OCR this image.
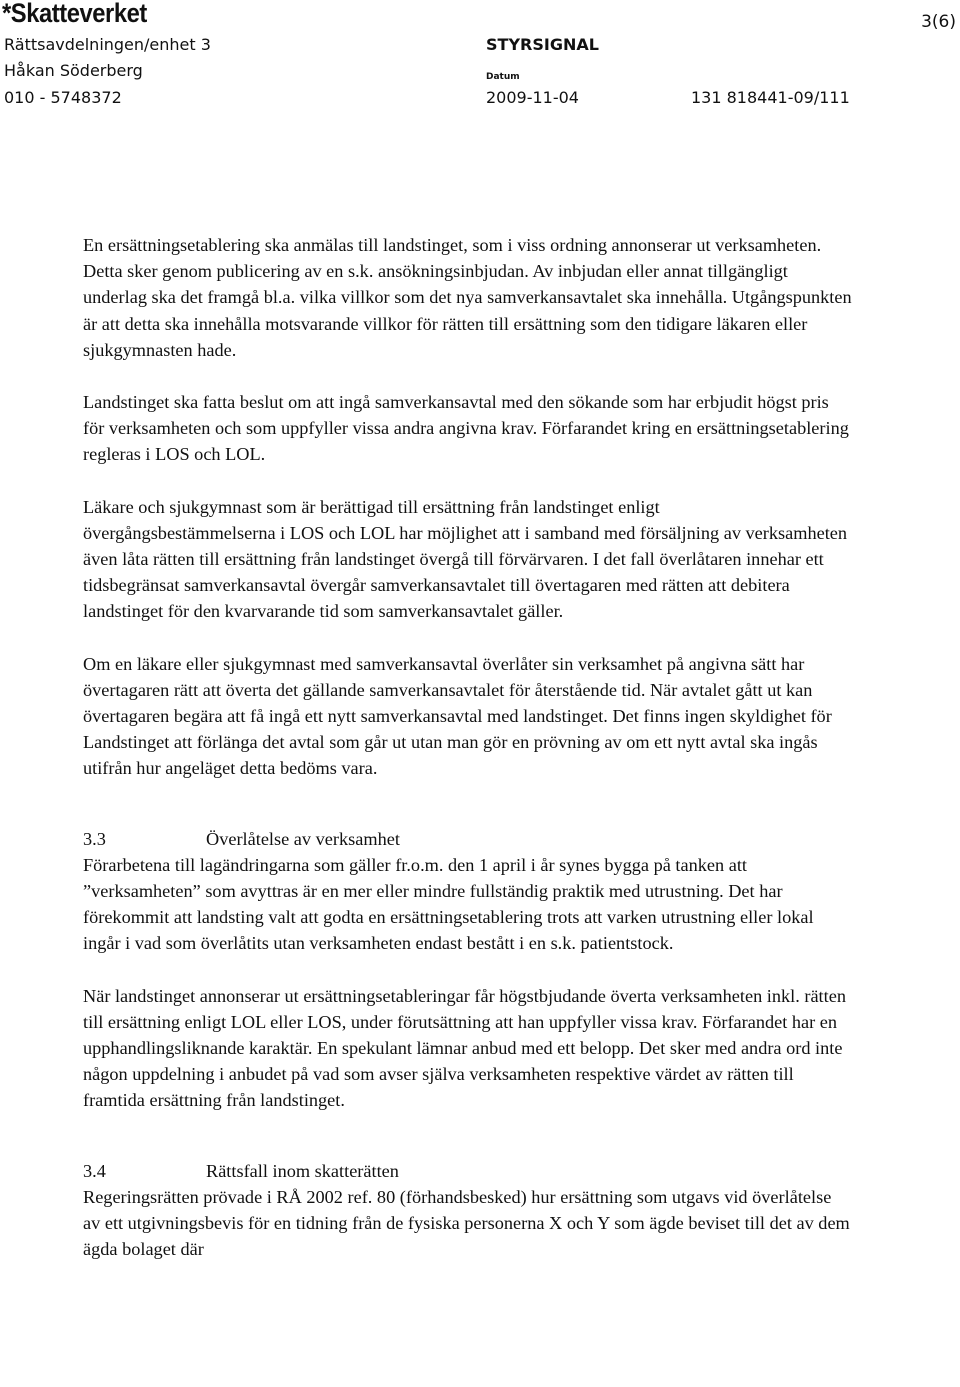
*Skatteverket	3(6)
Rättsavdelningen/enhet 3
Håkan Söderberg
010 - 5748372
STYRSIGNAL
Datum
2009-11-04	131 818441-09/111

En ersättningsetablering ska anmälas till landstinget, som i viss ordning annonserar ut verksamheten. Detta sker genom publicering av en s.k. ansökningsinbjudan. Av inbjudan eller annat tillgängligt underlag ska det framgå bl.a. vilka villkor som det nya samverkansavtalet ska innehålla. Utgångspunkten är att detta ska innehålla motsvarande villkor för rätten till ersättning som den tidigare läkaren eller sjukgymnasten hade.

Landstinget ska fatta beslut om att ingå samverkansavtal med den sökande som har erbjudit högst pris för verksamheten och som uppfyller vissa andra angivna krav. Förfarandet kring en ersättningsetablering regleras i LOS och LOL.

Läkare och sjukgymnast som är berättigad till ersättning från landstinget enligt övergångsbestämmelserna i LOS och LOL har möjlighet att i samband med försäljning av verksamheten även låta rätten till ersättning från landstinget övergå till förvärvaren. I det fall överlåtaren innehar ett tidsbegränsat samverkansavtal övergår samverkansavtalet till övertagaren med rätten att debitera landstinget för den kvarvarande tid som samverkansavtalet gäller.

Om en läkare eller sjukgymnast med samverkansavtal överlåter sin verksamhet på angivna sätt har övertagaren rätt att överta det gällande samverkansavtalet för återstående tid. När avtalet gått ut kan övertagaren begära att få ingå ett nytt samverkansavtal med landstinget. Det finns ingen skyldighet för Landstinget att förlänga det avtal som går ut utan man gör en prövning av om ett nytt avtal ska ingås utifrån hur angeläget detta bedöms vara.

3.3	Överlåtelse av verksamhet

Förarbetena till lagändringarna som gäller fr.o.m. den 1 april i år synes bygga på tanken att ”verksamheten” som avyttras är en mer eller mindre fullständig praktik med utrustning. Det har förekommit att landsting valt att godta en ersättningsetablering trots att varken utrustning eller lokal ingår i vad som överlåtits utan verksamheten endast bestått i en s.k. patientstock.

När landstinget annonserar ut ersättningsetableringar får högstbjudande överta verksamheten inkl. rätten till ersättning enligt LOL eller LOS, under förutsättning att han uppfyller vissa krav. Förfarandet har en upphandlingsliknande karaktär. En spekulant lämnar anbud med ett belopp. Det sker med andra ord inte någon uppdelning i anbudet på vad som avser själva verksamheten respektive värdet av rätten till framtida ersättning från landstinget.

3.4	Rättsfall inom skatterätten

Regeringsrätten prövade i RÅ 2002 ref. 80 (förhandsbesked) hur ersättning som utgavs vid överlåtelse av ett utgivningsbevis för en tidning från de fysiska personerna X och Y som ägde beviset till det av dem ägda bolaget där
